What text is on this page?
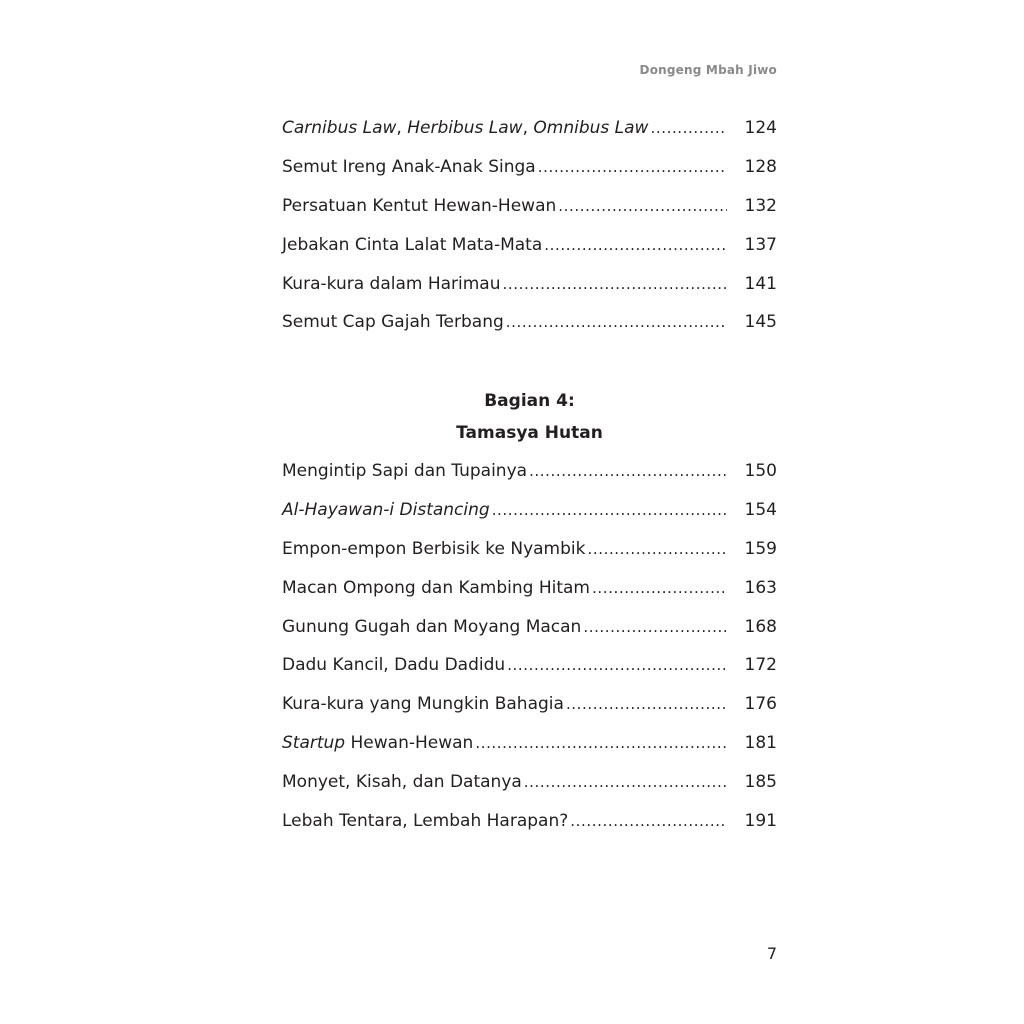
Dongeng Mbah Jiwo
Carnibus Law, Herbibus Law, Omnibus Law .....	124
Semut Ireng Anak-Anak Singa .....	128
Persatuan Kentut Hewan-Hewan .....	132
Jebakan Cinta Lalat Mata-Mata .....	137
Kura-kura dalam Harimau .....	141
Semut Cap Gajah Terbang .....	145
Bagian 4:
Tamasya Hutan
Mengintip Sapi dan Tupainya .....	150
Al-Hayawan-i Distancing .....	154
Empon-empon Berbisik ke Nyambik .....	159
Macan Ompong dan Kambing Hitam .....	163
Gunung Gugah dan Moyang Macan .....	168
Dadu Kancil, Dadu Dadidu .....	172
Kura-kura yang Mungkin Bahagia .....	176
Startup Hewan-Hewan .....	181
Monyet, Kisah, dan Datanya .....	185
Lebah Tentara, Lembah Harapan? .....	191
7
